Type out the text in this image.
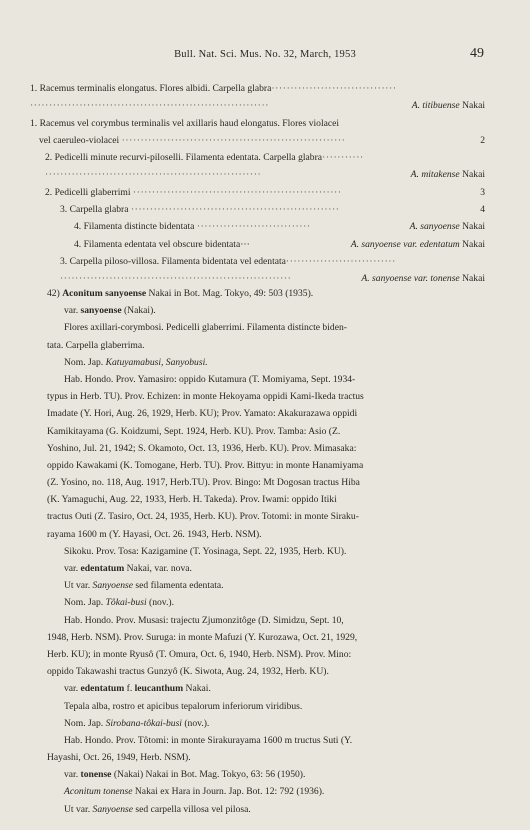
Bull. Nat. Sci. Mus. No. 32, March, 1953	49
1. Racemus terminalis elongatus. Flores albidi. Carpella glabra·································
·······························································	A. titibuense Nakai
1. Racemus vel corymbus terminalis vel axillaris haud elongatus. Flores violacei
vel caeruleo-violacei ···························································	2
2. Pedicelli minute recurvi-piloselli. Filamenta edentata. Carpella glabra···········
·························································	A. mitakense Nakai
2. Pedicelli glaberrimi ·······················································	3
3. Carpella glabra ·······················································	4
4. Filamenta distincte bidentata ······························	A. sanyoense Nakai
4. Filamenta edentata vel obscure bidentata···	A. sanyoense var. edentatum Nakai
3. Carpella piloso-villosa. Filamenta bidentata vel edentata·····························
·····························································	A. sanyoense var. tonense Nakai
42) Aconitum sanyoense Nakai in Bot. Mag. Tokyo, 49: 503 (1935).
var. sanyoense (Nakai).
Flores axillari-corymbosi. Pedicelli glaberrimi. Filamenta distincte biden-
tata. Carpella glaberrima.
Nom. Jap. Katuyamabusi, Sanyobusi.
Hab. Hondo. Prov. Yamasiro: oppido Kutamura (T. Momiyama, Sept. 1934-
typus in Herb. TU). Prov. Echizen: in monte Hekoyama oppidi Kami-Ikeda tractus
Imadate (Y. Hori, Aug. 26, 1929, Herb. KU); Prov. Yamato: Akakurazawa oppidi
Kamikitayama (G. Koidzumi, Sept. 1924, Herb. KU). Prov. Tamba: Asio (Z.
Yoshino, Jul. 21, 1942; S. Okamoto, Oct. 13, 1936, Herb. KU). Prov. Mimasaka:
oppido Kawakami (K. Tomogane, Herb. TU). Prov. Bittyu: in monte Hanamiyama
(Z. Yosino, no. 118, Aug. 1917, Herb.TU). Prov. Bingo: Mt Dogosan tractus Hiba
(K. Yamaguchi, Aug. 22, 1933, Herb. H. Takeda). Prov. Iwami: oppido Itiki
tractus Outi (Z. Tasiro, Oct. 24, 1935, Herb. KU). Prov. Totomi: in monte Siraku-
rayama 1600 m (Y. Hayasi, Oct. 26. 1943, Herb. NSM).
Sikoku. Prov. Tosa: Kazigamine (T. Yosinaga, Sept. 22, 1935, Herb. KU).
var. edentatum Nakai, var. nova.
Ut var. Sanyoense sed filamenta edentata.
Nom. Jap. Tôkai-busi (nov.).
Hab. Hondo. Prov. Musasi: trajectu Zjumonzitôge (D. Simidzu, Sept. 10,
1948, Herb. NSM). Prov. Suruga: in monte Mafuzi (Y. Kurozawa, Oct. 21, 1929,
Herb. KU); in monte Ryusô (T. Omura, Oct. 6, 1940, Herb. NSM). Prov. Mino:
oppido Takawashi tractus Gunzyô (K. Siwota, Aug. 24, 1932, Herb. KU).
var. edentatum f. leucanthum Nakai.
Tepala alba, rostro et apicibus tepalorum inferiorum viridibus.
Nom. Jap. Sirobana-tôkai-busi (nov.).
Hab. Hondo. Prov. Tôtomi: in monte Sirakurayama 1600 m tructus Suti (Y.
Hayashi, Oct. 26, 1949, Herb. NSM).
var. tonense (Nakai) Nakai in Bot. Mag. Tokyo, 63: 56 (1950).
Aconitum tonense Nakai ex Hara in Journ. Jap. Bot. 12: 792 (1936).
Ut var. Sanyoense sed carpella villosa vel pilosa.
